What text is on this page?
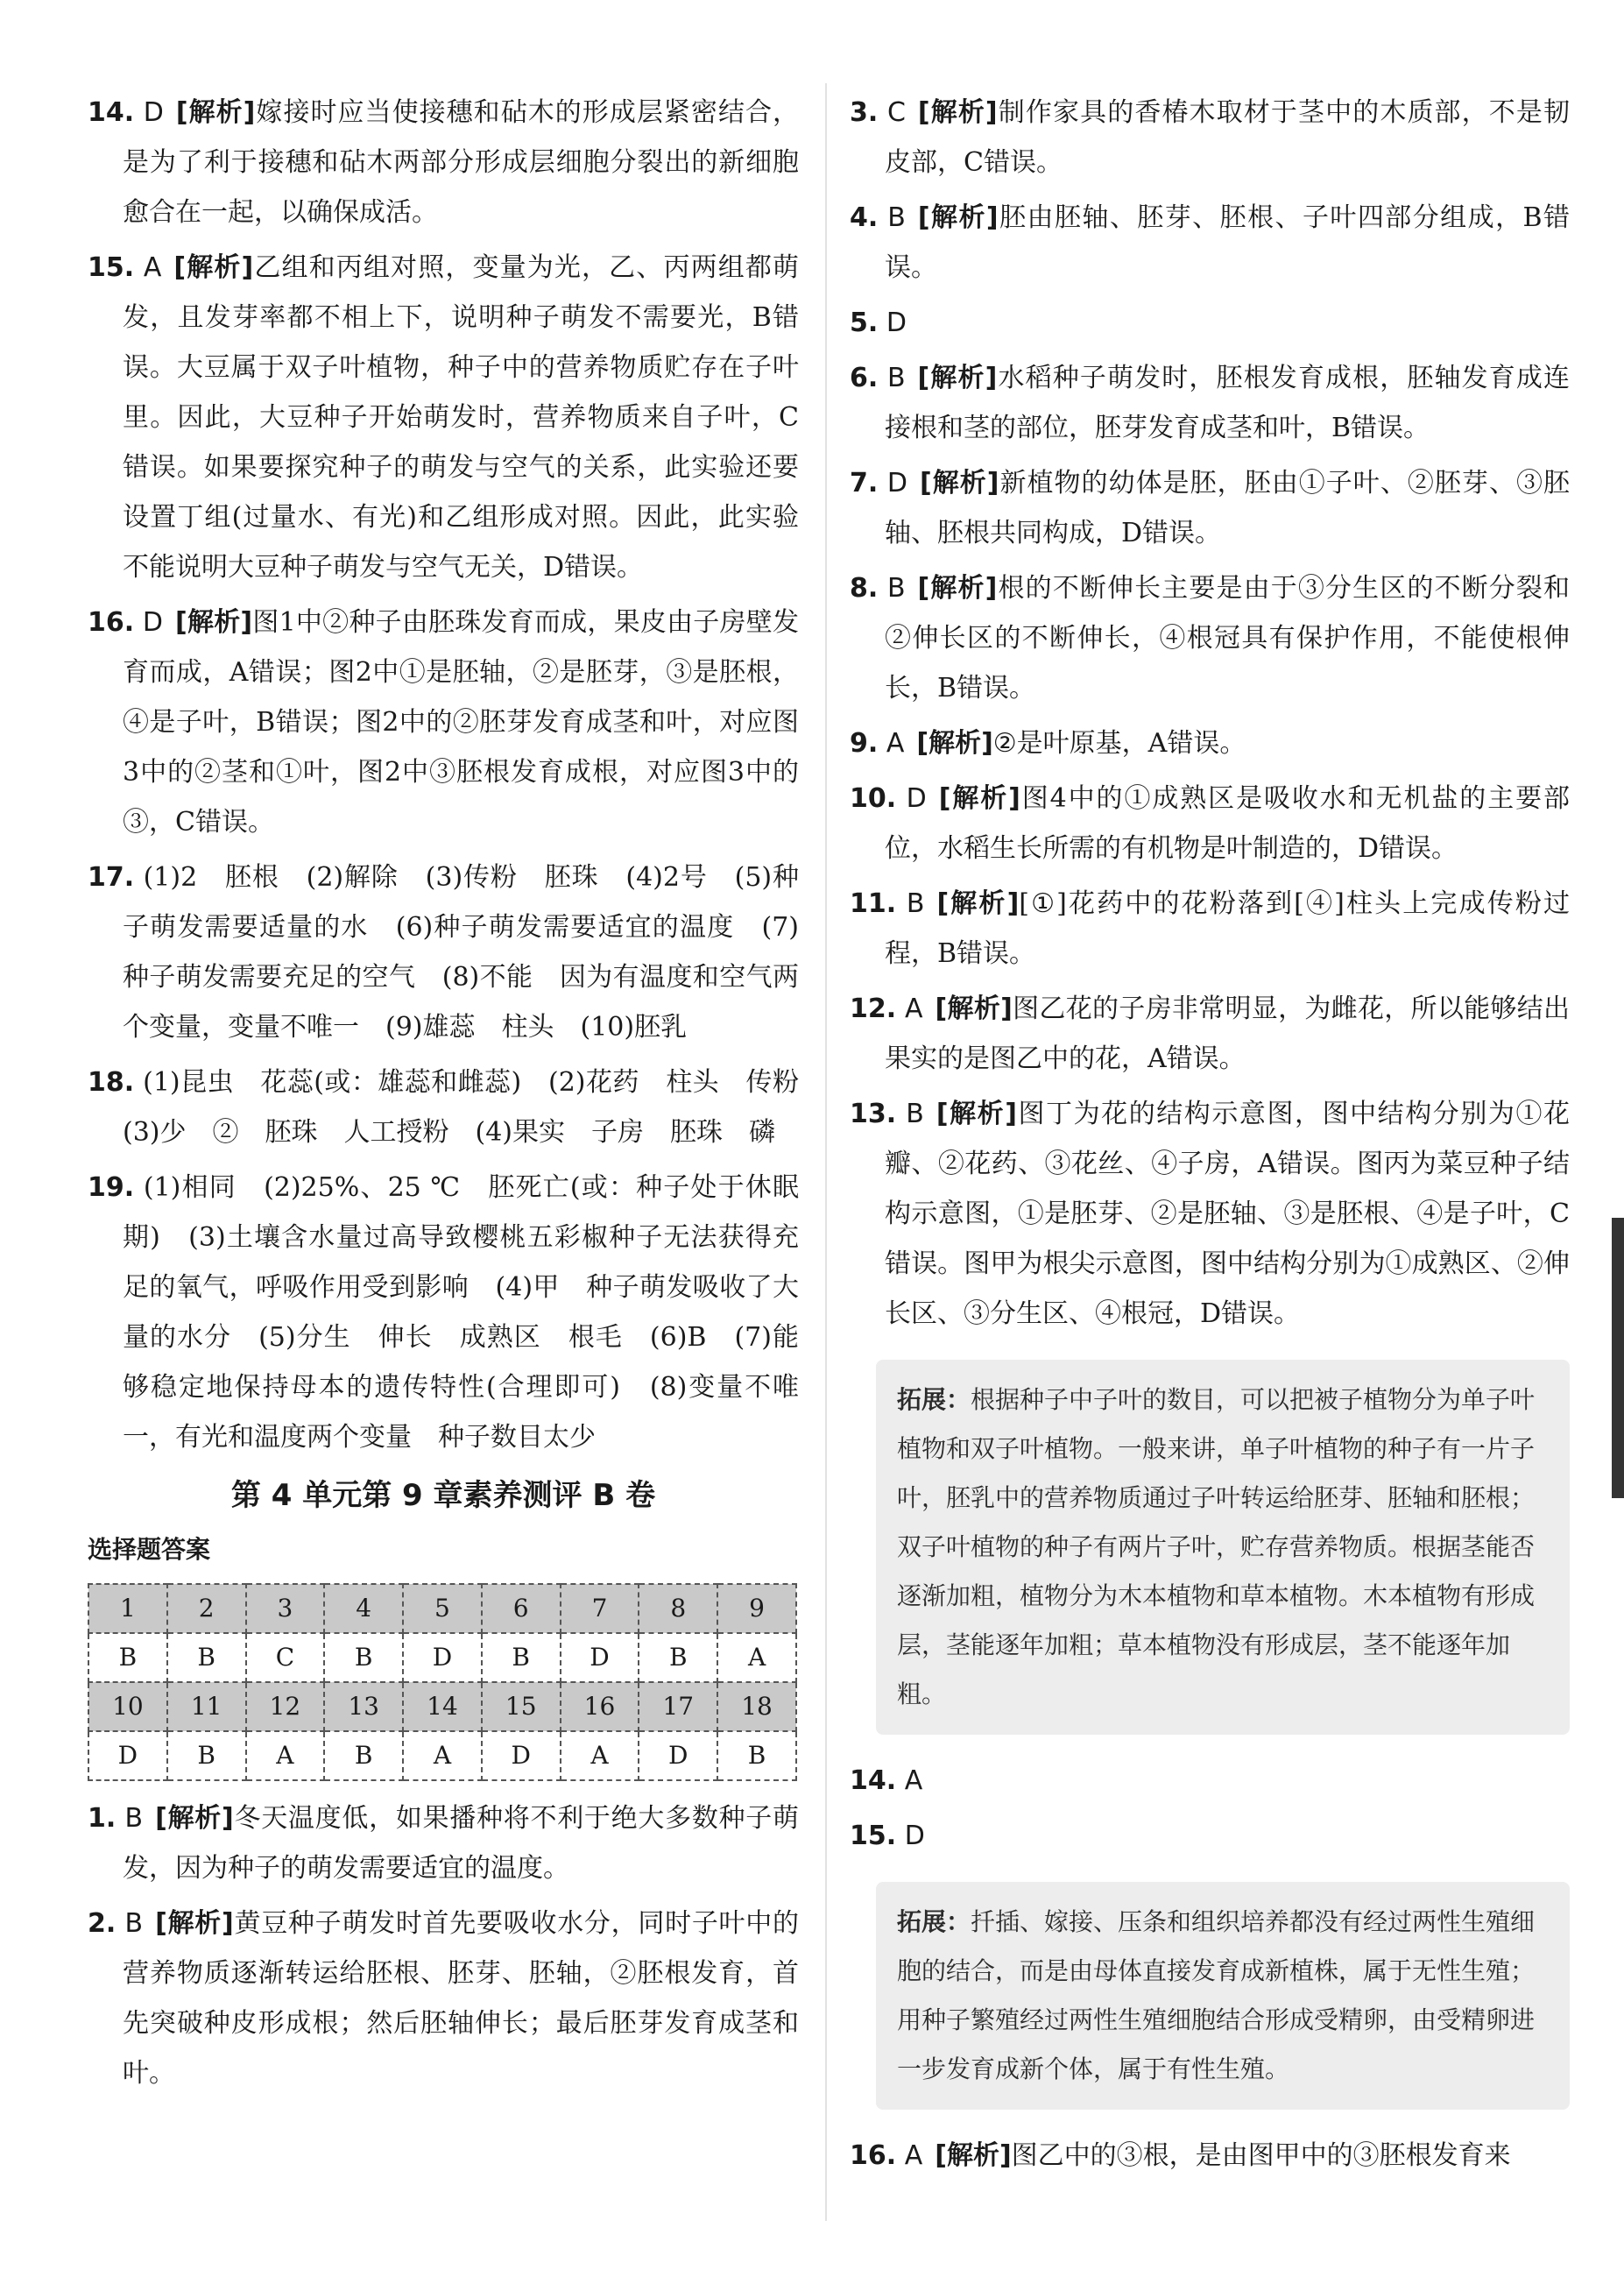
14. D [解析]嫁接时应当使接穗和砧木的形成层紧密结合，是为了利于接穗和砧木两部分形成层细胞分裂出的新细胞愈合在一起，以确保成活。

15. A [解析]乙组和丙组对照，变量为光，乙、丙两组都萌发，且发芽率都不相上下，说明种子萌发不需要光，B错误。大豆属于双子叶植物，种子中的营养物质贮存在子叶里。因此，大豆种子开始萌发时，营养物质来自子叶，C错误。如果要探究种子的萌发与空气的关系，此实验还要设置丁组(过量水、有光)和乙组形成对照。因此，此实验不能说明大豆种子萌发与空气无关，D错误。

16. D [解析]图1中②种子由胚珠发育而成，果皮由子房壁发育而成，A错误；图2中①是胚轴，②是胚芽，③是胚根，④是子叶，B错误；图2中的②胚芽发育成茎和叶，对应图3中的②茎和①叶，图2中③胚根发育成根，对应图3中的③，C错误。

17. (1)2　胚根　(2)解除　(3)传粉　胚珠　(4)2号　(5)种子萌发需要适量的水　(6)种子萌发需要适宜的温度　(7)种子萌发需要充足的空气　(8)不能　因为有温度和空气两个变量，变量不唯一　(9)雄蕊　柱头　(10)胚乳

18. (1)昆虫　花蕊(或：雄蕊和雌蕊)　(2)花药　柱头　传粉　(3)少　②　胚珠　人工授粉　(4)果实　子房　胚珠　磷

19. (1)相同　(2)25%、25 ℃　胚死亡(或：种子处于休眠期)　(3)土壤含水量过高导致樱桃五彩椒种子无法获得充足的氧气，呼吸作用受到影响　(4)甲　种子萌发吸收了大量的水分　(5)分生　伸长　成熟区　根毛　(6)B　(7)能够稳定地保持母本的遗传特性(合理即可)　(8)变量不唯一，有光和温度两个变量　种子数目太少

第 4 单元第 9 章素养测评 B 卷
选择题答案
1	2	3	4	5	6	7	8	9
B	B	C	B	D	B	D	B	A
10	11	12	13	14	15	16	17	18
D	B	A	B	A	D	A	D	B

1. B [解析]冬天温度低，如果播种将不利于绝大多数种子萌发，因为种子的萌发需要适宜的温度。

2. B [解析]黄豆种子萌发时首先要吸收水分，同时子叶中的营养物质逐渐转运给胚根、胚芽、胚轴，②胚根发育，首先突破种皮形成根；然后胚轴伸长；最后胚芽发育成茎和叶。

3. C [解析]制作家具的香椿木取材于茎中的木质部，不是韧皮部，C错误。

4. B [解析]胚由胚轴、胚芽、胚根、子叶四部分组成，B错误。

5. D

6. B [解析]水稻种子萌发时，胚根发育成根，胚轴发育成连接根和茎的部位，胚芽发育成茎和叶，B错误。

7. D [解析]新植物的幼体是胚，胚由①子叶、②胚芽、③胚轴、胚根共同构成，D错误。

8. B [解析]根的不断伸长主要是由于③分生区的不断分裂和②伸长区的不断伸长，④根冠具有保护作用，不能使根伸长，B错误。

9. A [解析]②是叶原基，A错误。

10. D [解析]图4中的①成熟区是吸收水和无机盐的主要部位，水稻生长所需的有机物是叶制造的，D错误。

11. B [解析][①]花药中的花粉落到[④]柱头上完成传粉过程，B错误。

12. A [解析]图乙花的子房非常明显，为雌花，所以能够结出果实的是图乙中的花，A错误。

13. B [解析]图丁为花的结构示意图，图中结构分别为①花瓣、②花药、③花丝、④子房，A错误。图丙为菜豆种子结构示意图，①是胚芽、②是胚轴、③是胚根、④是子叶，C错误。图甲为根尖示意图，图中结构分别为①成熟区、②伸长区、③分生区、④根冠，D错误。

拓展：根据种子中子叶的数目，可以把被子植物分为单子叶植物和双子叶植物。一般来讲，单子叶植物的种子有一片子叶，胚乳中的营养物质通过子叶转运给胚芽、胚轴和胚根；双子叶植物的种子有两片子叶，贮存营养物质。根据茎能否逐渐加粗，植物分为木本植物和草本植物。木本植物有形成层，茎能逐年加粗；草本植物没有形成层，茎不能逐年加粗。

14. A

15. D

拓展：扦插、嫁接、压条和组织培养都没有经过两性生殖细胞的结合，而是由母体直接发育成新植株，属于无性生殖；用种子繁殖经过两性生殖细胞结合形成受精卵，由受精卵进一步发育成新个体，属于有性生殖。

16. A [解析]图乙中的③根，是由图甲中的③胚根发育来
